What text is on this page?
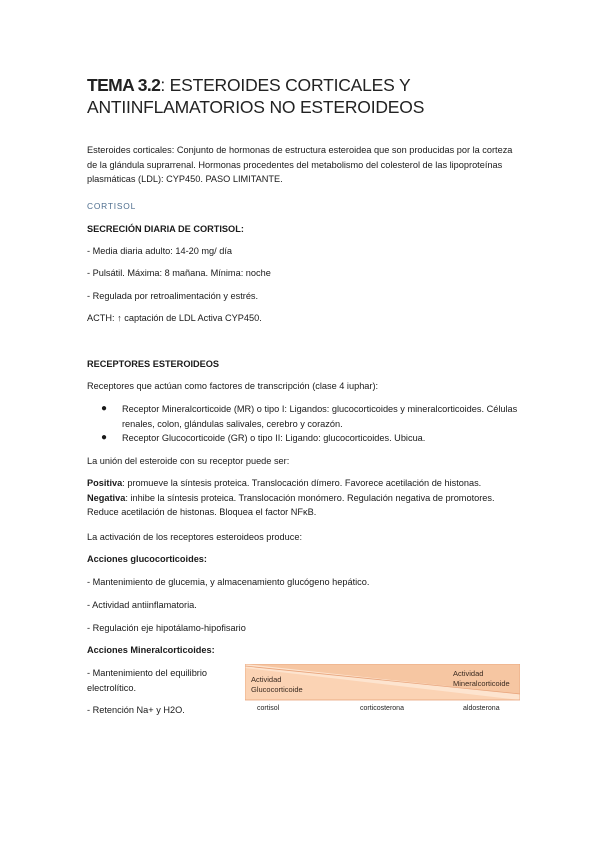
TEMA 3.2: ESTEROIDES CORTICALES Y ANTIINFLAMATORIOS NO ESTEROIDEOS

Esteroides corticales: Conjunto de hormonas de estructura esteroidea que son producidas por la corteza de la glándula suprarrenal. Hormonas procedentes del metabolismo del colesterol de las lipoproteínas plasmáticas (LDL): CYP450. PASO LIMITANTE.

CORTISOL

SECRECIÓN DIARIA DE CORTISOL:

- Media diaria adulto: 14-20 mg/ día

- Pulsátil. Máxima: 8 mañana. Mínima: noche

- Regulada por retroalimentación y estrés.

ACTH: ↑ captación de LDL Activa CYP450.

RECEPTORES ESTEROIDEOS

Receptores que actúan como factores de transcripción (clase 4 iuphar):

● Receptor Mineralcorticoide (MR) o tipo I: Ligandos: glucocorticoides y mineralcorticoides. Células renales, colon, glándulas salivales, cerebro y corazón.
● Receptor Glucocorticoide (GR) o tipo II: Ligando: glucocorticoides. Ubicua.

La unión del esteroide con su receptor puede ser:

Positiva: promueve la síntesis proteica. Translocación dímero. Favorece acetilación de histonas. Negativa: inhibe la síntesis proteica. Translocación monómero. Regulación negativa de promotores. Reduce acetilación de histonas. Bloquea el factor NFκB.

La activación de los receptores esteroideos produce:

Acciones glucocorticoides:

- Mantenimiento de glucemia, y almacenamiento glucógeno hepático.

- Actividad antiinflamatoria.

- Regulación eje hipotálamo-hipofisario

Acciones Mineralcorticoides:

- Mantenimiento del equilibrio electrolítico.

- Retención Na+ y H2O.

Actividad
Glucocorticoide
Actividad
Mineralcorticoide
cortisol	corticosterona	aldosterona
